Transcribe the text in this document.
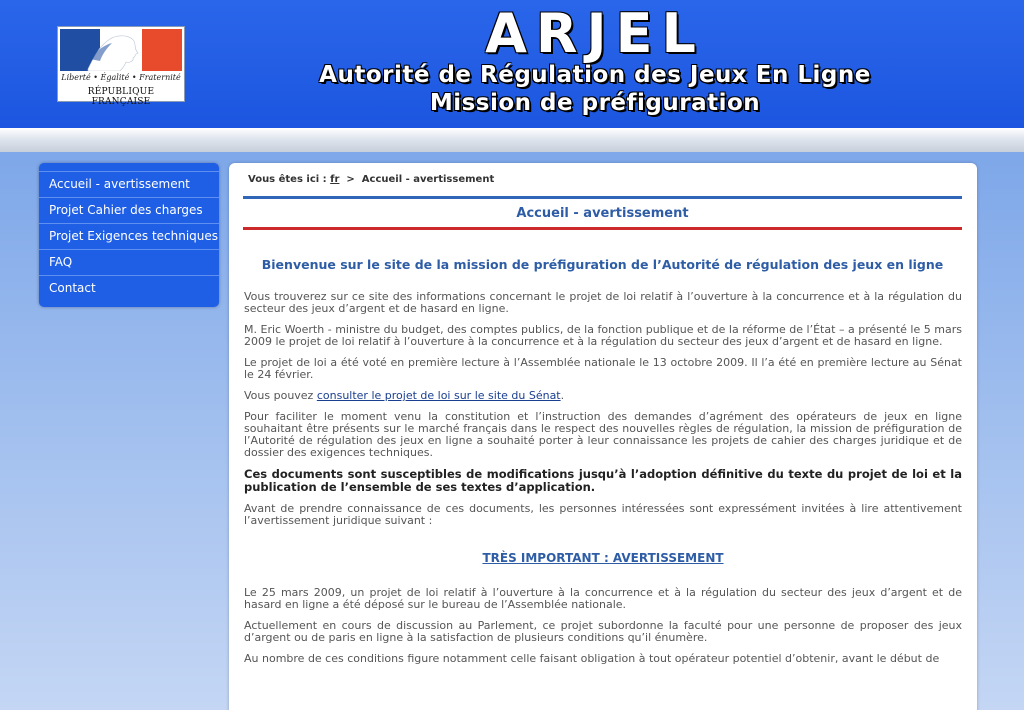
Liberté • Égalité • Fraternité
RÉPUBLIQUE FRANÇAISE
ARJEL
Autorité de Régulation des Jeux En Ligne
Mission de préfiguration
Accueil - avertissement
Projet Cahier des charges
Projet Exigences techniques
FAQ
Contact
Vous êtes ici : fr > Accueil - avertissement
Accueil - avertissement
Bienvenue sur le site de la mission de préfiguration de l’Autorité de régulation des jeux en ligne

Vous trouverez sur ce site des informations concernant le projet de loi relatif à l’ouverture à la concurrence et à la régulation du secteur des jeux d’argent et de hasard en ligne.

M. Eric Woerth - ministre du budget, des comptes publics, de la fonction publique et de la réforme de l’État – a présenté le 5 mars 2009 le projet de loi relatif à l’ouverture à la concurrence et à la régulation du secteur des jeux d’argent et de hasard en ligne.

Le projet de loi a été voté en première lecture à l’Assemblée nationale le 13 octobre 2009. Il l’a été en première lecture au Sénat le 24 février.

Vous pouvez consulter le projet de loi sur le site du Sénat.

Pour faciliter le moment venu la constitution et l’instruction des demandes d’agrément des opérateurs de jeux en ligne souhaitant être présents sur le marché français dans le respect des nouvelles règles de régulation, la mission de préfiguration de l’Autorité de régulation des jeux en ligne a souhaité porter à leur connaissance les projets de cahier des charges juridique et de dossier des exigences techniques.

Ces documents sont susceptibles de modifications jusqu’à l’adoption définitive du texte du projet de loi et la publication de l’ensemble de ses textes d’application.

Avant de prendre connaissance de ces documents, les personnes intéressées sont expressément invitées à lire attentivement l’avertissement juridique suivant :

TRÈS IMPORTANT : AVERTISSEMENT

Le 25 mars 2009, un projet de loi relatif à l’ouverture à la concurrence et à la régulation du secteur des jeux d’argent et de hasard en ligne a été déposé sur le bureau de l’Assemblée nationale.

Actuellement en cours de discussion au Parlement, ce projet subordonne la faculté pour une personne de proposer des jeux d’argent ou de paris en ligne à la satisfaction de plusieurs conditions qu’il énumère.

Au nombre de ces conditions figure notamment celle faisant obligation à tout opérateur potentiel d’obtenir, avant le début de
